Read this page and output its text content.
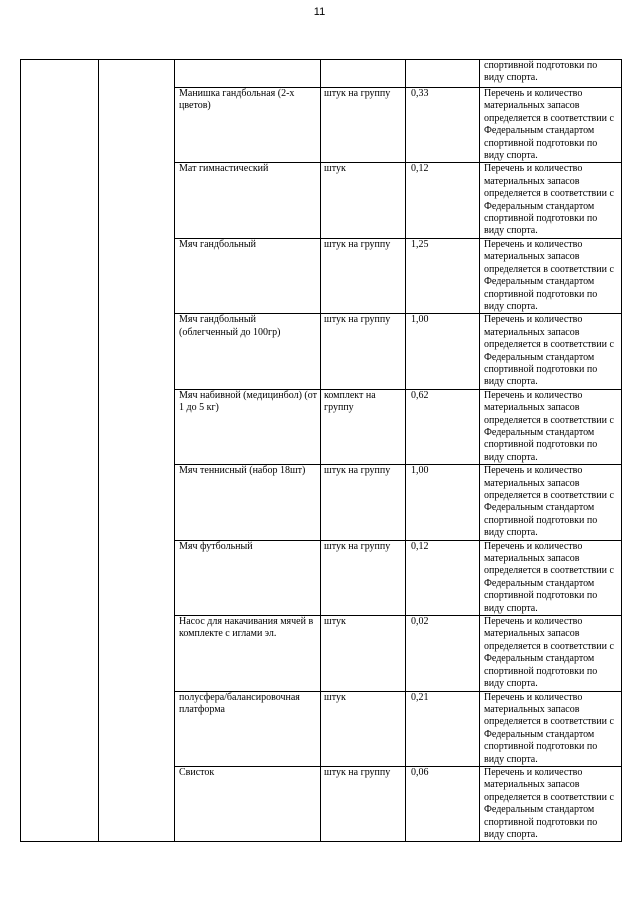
11
					спортивной подготовки по виду спорта.
		Манишка гандбольная (2-х цветов)	штук на группу	0,33	Перечень и количество материальных запасов определяется в соответствии с Федеральным стандартом спортивной подготовки по виду спорта.
		Мат гимнастический	штук	0,12	Перечень и количество материальных запасов определяется в соответствии с Федеральным стандартом спортивной подготовки по виду спорта.
		Мяч гандбольный	штук на группу	1,25	Перечень и количество материальных запасов определяется в соответствии с Федеральным стандартом спортивной подготовки по виду спорта.
		Мяч гандбольный (облегченный до 100гр)	штук на группу	1,00	Перечень и количество материальных запасов определяется в соответствии с Федеральным стандартом спортивной подготовки по виду спорта.
		Мяч набивной (медицинбол) (от 1 до 5 кг)	комплект на группу	0,62	Перечень и количество материальных запасов определяется в соответствии с Федеральным стандартом спортивной подготовки по виду спорта.
		Мяч теннисный (набор 18шт)	штук на группу	1,00	Перечень и количество материальных запасов определяется в соответствии с Федеральным стандартом спортивной подготовки по виду спорта.
		Мяч футбольный	штук на группу	0,12	Перечень и количество материальных запасов определяется в соответствии с Федеральным стандартом спортивной подготовки по виду спорта.
		Насос для накачивания мячей в комплекте с иглами эл.	штук	0,02	Перечень и количество материальных запасов определяется в соответствии с Федеральным стандартом спортивной подготовки по виду спорта.
		полусфера/балансировочная платформа	штук	0,21	Перечень и количество материальных запасов определяется в соответствии с Федеральным стандартом спортивной подготовки по виду спорта.
		Свисток	штук на группу	0,06	Перечень и количество материальных запасов определяется в соответствии с Федеральным стандартом спортивной подготовки по виду спорта.
